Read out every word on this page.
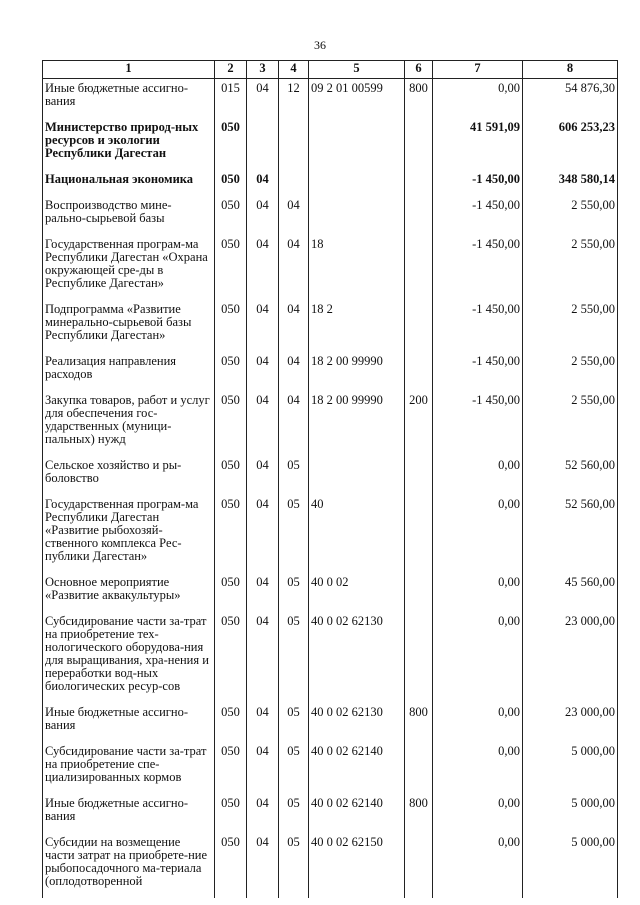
36
1	2	3	4	5	6	7	8
Иные бюджетные ассигно-вания	015	04	12	09 2 01 00599	800	0,00	54 876,30
Министерство природ-ных ресурсов и экологии Республики Дагестан	050					41 591,09	606 253,23
Национальная экономика	050	04				-1 450,00	348 580,14
Воспроизводство мине-рально-сырьевой базы	050	04	04			-1 450,00	2 550,00
Государственная програм-ма Республики Дагестан «Охрана окружающей сре-ды в Республике Дагестан»	050	04	04	18		-1 450,00	2 550,00
Подпрограмма «Развитие минерально-сырьевой базы Республики Дагестан»	050	04	04	18 2		-1 450,00	2 550,00
Реализация направления расходов	050	04	04	18 2 00 99990		-1 450,00	2 550,00
Закупка товаров, работ и услуг для обеспечения гос-ударственных (муници-пальных) нужд	050	04	04	18 2 00 99990	200	-1 450,00	2 550,00
Сельское хозяйство и ры-боловство	050	04	05			0,00	52 560,00
Государственная програм-ма Республики Дагестан «Развитие рыбохозяй-ственного комплекса Рес-публики Дагестан»	050	04	05	40		0,00	52 560,00
Основное мероприятие «Развитие аквакультуры»	050	04	05	40 0 02		0,00	45 560,00
Субсидирование части за-трат на приобретение тех-нологического оборудова-ния для выращивания, хра-нения и переработки вод-ных биологических ресур-сов	050	04	05	40 0 02 62130		0,00	23 000,00
Иные бюджетные ассигно-вания	050	04	05	40 0 02 62130	800	0,00	23 000,00
Субсидирование части за-трат на приобретение спе-циализированных кормов	050	04	05	40 0 02 62140		0,00	5 000,00
Иные бюджетные ассигно-вания	050	04	05	40 0 02 62140	800	0,00	5 000,00
Субсидии на возмещение части затрат на приобрете-ние рыбопосадочного ма-териала (оплодотворенной	050	04	05	40 0 02 62150		0,00	5 000,00
